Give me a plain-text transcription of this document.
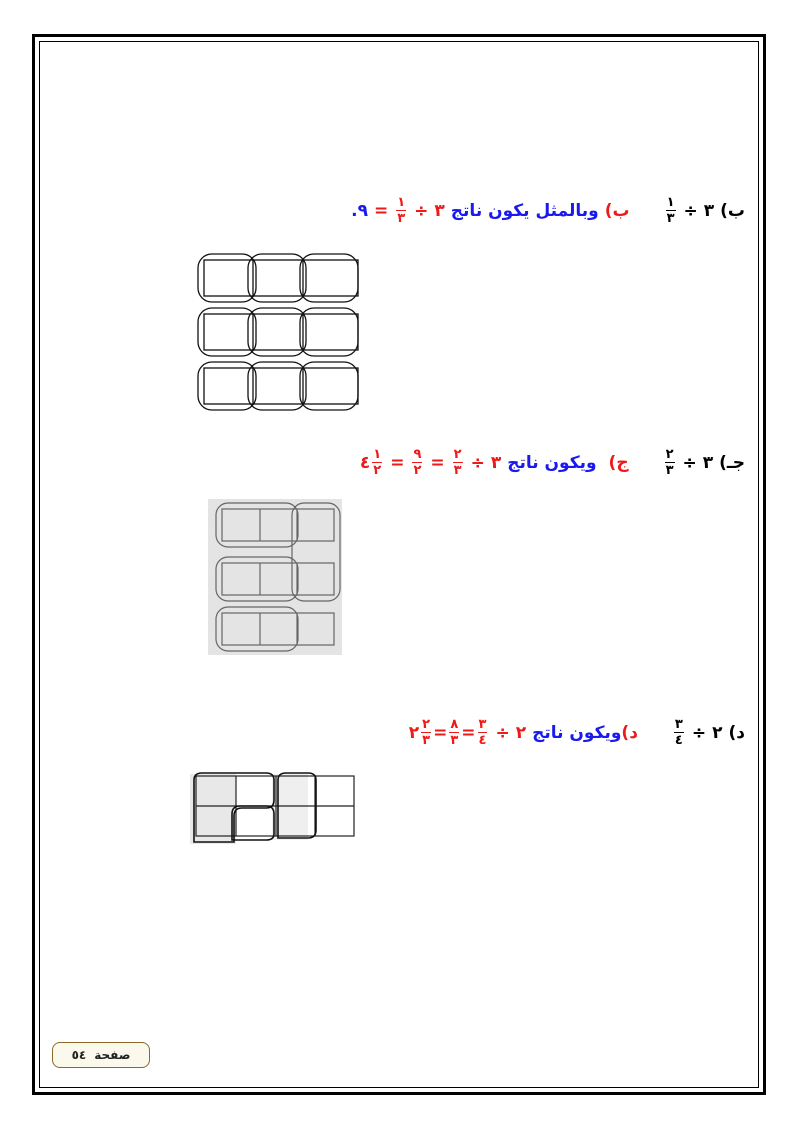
ب)
٣
÷
$\frac{١}{٣}$
ب)
وبالمثل يكون ناتج
٣
÷
$\frac{١}{٣}$
=
٩.
جـ)
٣
÷
$\frac{٢}{٣}$
ج)
ويكون ناتج
٣
÷
$\frac{٢}{٣}$
=
$\frac{٩}{٢}$
=
$\frac{١}{٢}$
٤
د)
٢
÷
$\frac{٣}{٤}$
د)
ويكون ناتج
٢
÷
$\frac{٣}{٤}$
=
$\frac{٨}{٣}$
=
$\frac{٢}{٣}$
٢
صفحة
٥٤
